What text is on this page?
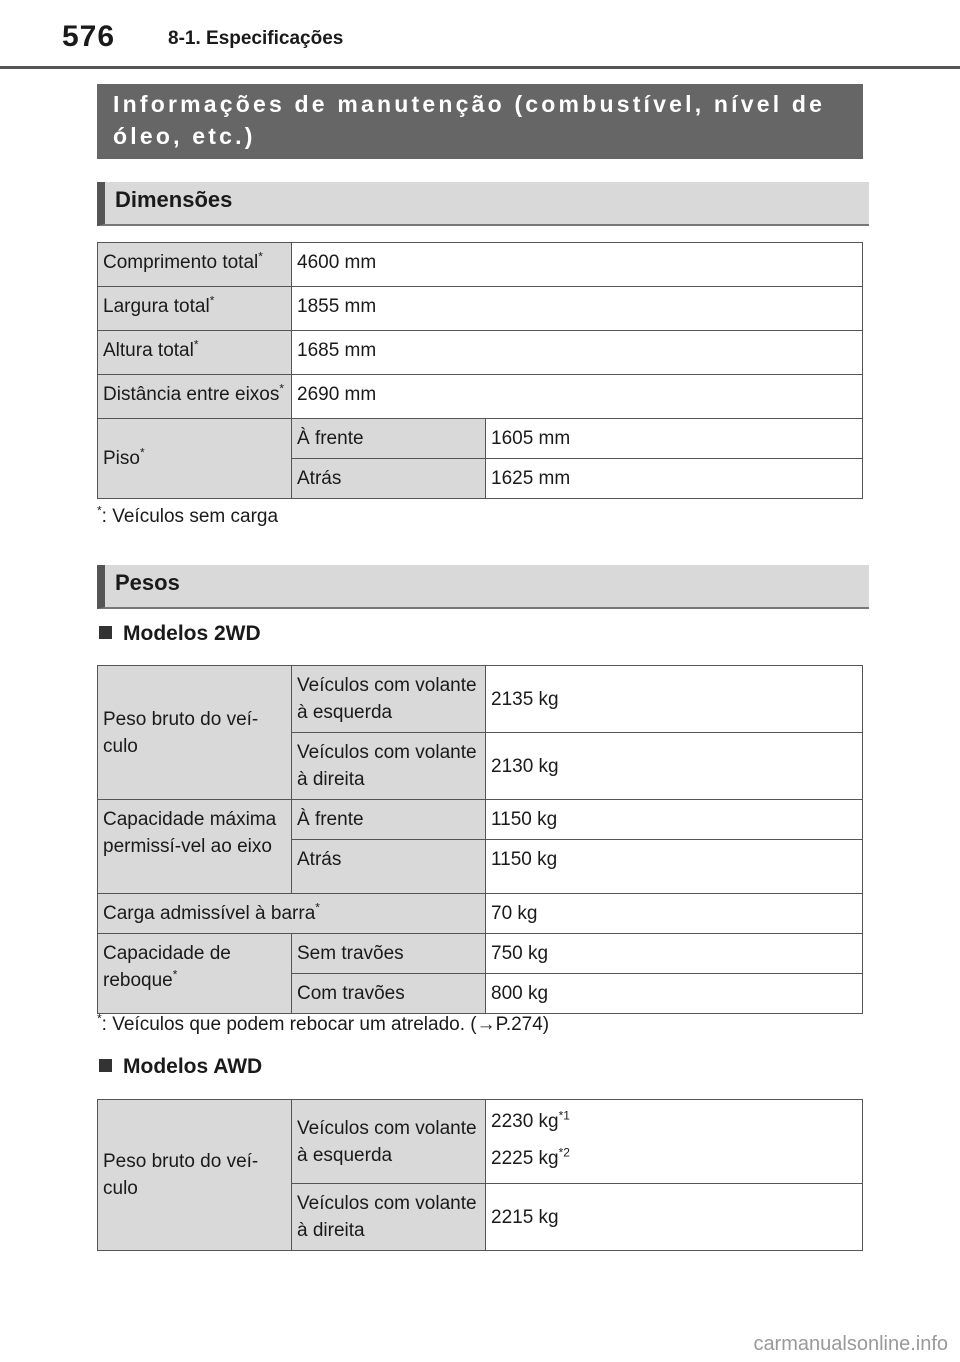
576	8-1. Especificações
Informações de manutenção (combustível, nível de óleo, etc.)
Dimensões
Comprimento total*	4600 mm	
Largura total*	1855 mm	
Altura total*	1685 mm	
Distância entre eixos*	2690 mm	
Piso*	À frente	1605 mm
	Atrás	1625 mm
*: Veículos sem carga
Pesos
Modelos 2WD
Peso bruto do veí-culo	Veículos com volante à esquerda	2135 kg
	Veículos com volante à direita	2130 kg
Capacidade máxima permissí-vel ao eixo	À frente	1150 kg
	Atrás	1150 kg
Carga admissível à barra*		70 kg
Capacidade de reboque*	Sem travões	750 kg
	Com travões	800 kg
*: Veículos que podem rebocar um atrelado. (→P.274)
Modelos AWD
Peso bruto do veí-culo	Veículos com volante à esquerda	2230 $kg^{*1}$
2225 $kg^{*2}$

	Veículos com volante à direita	2215 kg
carmanualsonline.info
